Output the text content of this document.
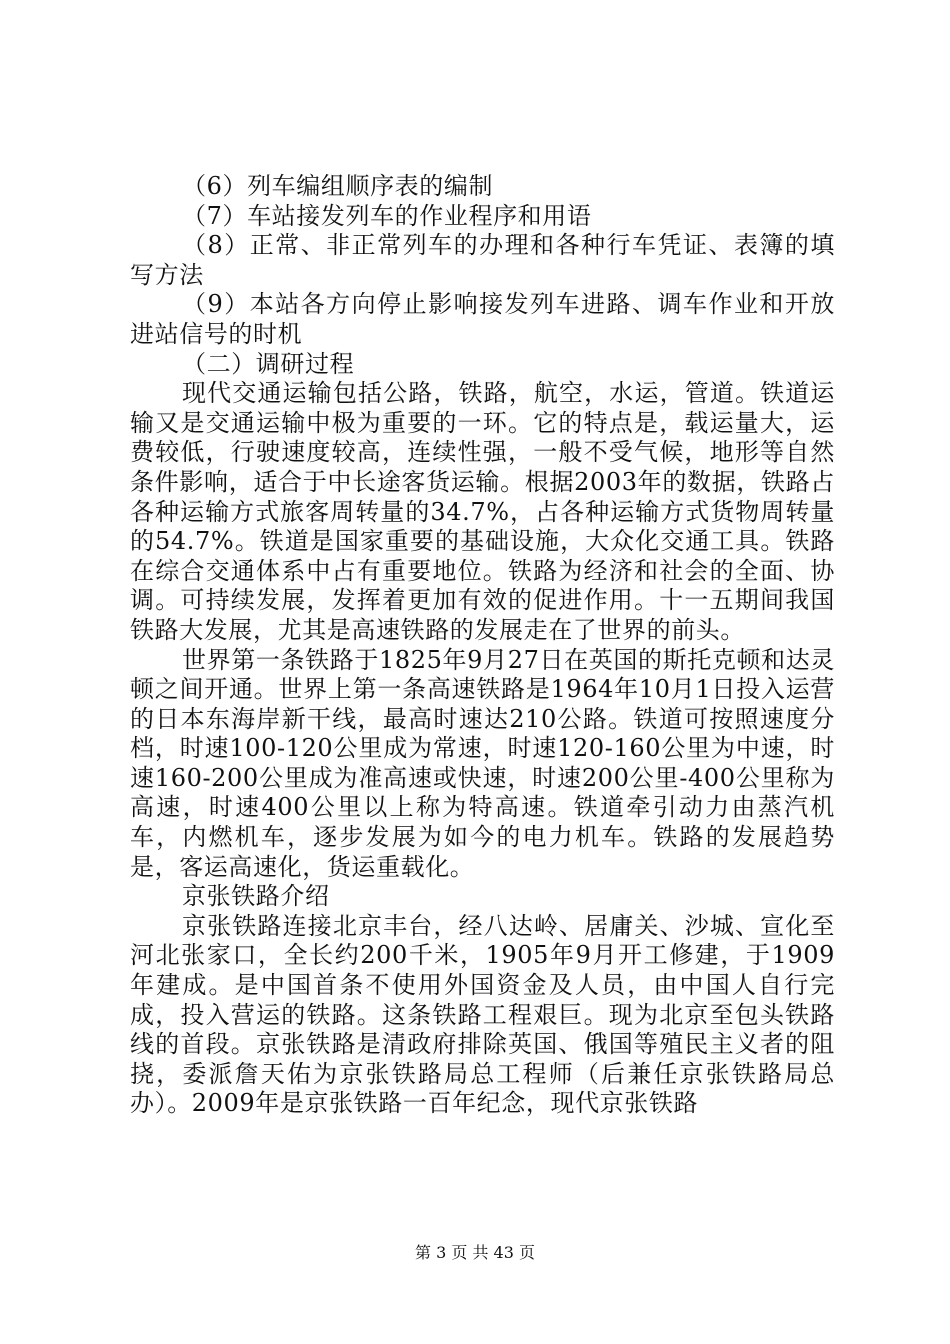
（6）列车编组顺序表的编制

（7）车站接发列车的作业程序和用语

（8）正常、非正常列车的办理和各种行车凭证、表簿的填写方法

（9）本站各方向停止影响接发列车进路、调车作业和开放进站信号的时机

（二）调研过程

现代交通运输包括公路，铁路，航空，水运，管道。铁道运输又是交通运输中极为重要的一环。它的特点是，载运量大，运费较低，行驶速度较高，连续性强，一般不受气候，地形等自然条件影响，适合于中长途客货运输。根据2003年的数据，铁路占各种运输方式旅客周转量的34.7%，占各种运输方式货物周转量的54.7%。铁道是国家重要的基础设施，大众化交通工具。铁路在综合交通体系中占有重要地位。铁路为经济和社会的全面、协调。可持续发展，发挥着更加有效的促进作用。十一五期间我国铁路大发展，尤其是高速铁路的发展走在了世界的前头。

世界第一条铁路于1825年9月27日在英国的斯托克顿和达灵顿之间开通。世界上第一条高速铁路是1964年10月1日投入运营的日本东海岸新干线，最高时速达210公路。铁道可按照速度分档，时速100-120公里成为常速，时速120-160公里为中速，时速160-200公里成为准高速或快速，时速200公里-400公里称为高速，时速400公里以上称为特高速。铁道牵引动力由蒸汽机车，内燃机车，逐步发展为如今的电力机车。铁路的发展趋势是，客运高速化，货运重载化。

京张铁路介绍

京张铁路连接北京丰台，经八达岭、居庸关、沙城、宣化至河北张家口，全长约200千米，1905年9月开工修建，于1909年建成。是中国首条不使用外国资金及人员，由中国人自行完成，投入营运的铁路。这条铁路工程艰巨。现为北京至包头铁路线的首段。京张铁路是清政府排除英国、俄国等殖民主义者的阻挠，委派詹天佑为京张铁路局总工程师（后兼任京张铁路局总办）。2009年是京张铁路一百年纪念，现代京张铁路

第 3 页 共 43 页
